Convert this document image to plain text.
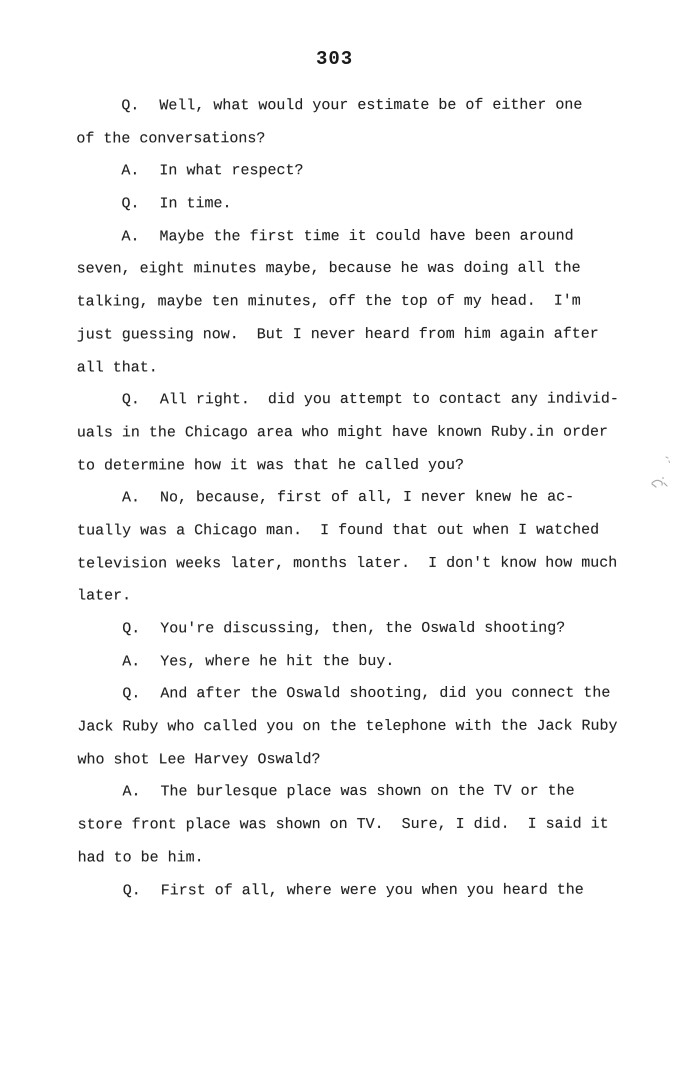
303
Q. Well, what would your estimate be of either one
of the conversations?
A. In what respect?
Q. In time.
A. Maybe the first time it could have been around
seven, eight minutes maybe, because he was doing all the
talking, maybe ten minutes, off the top of my head.  I'm
just guessing now.  But I never heard from him again after
all that.
Q. All right.  did you attempt to contact any individ-
uals in the Chicago area who might have known Ruby.in order
to determine how it was that he called you?
A. No, because, first of all, I never knew he ac-
tually was a Chicago man.  I found that out when I watched
television weeks later, months later.  I don't know how much
later.
Q. You're discussing, then, the Oswald shooting?
A. Yes, where he hit the buy.
Q. And after the Oswald shooting, did you connect the
Jack Ruby who called you on the telephone with the Jack Ruby
who shot Lee Harvey Oswald?
A. The burlesque place was shown on the TV or the
store front place was shown on TV.  Sure, I did.  I said it
had to be him.
Q. First of all, where were you when you heard the
